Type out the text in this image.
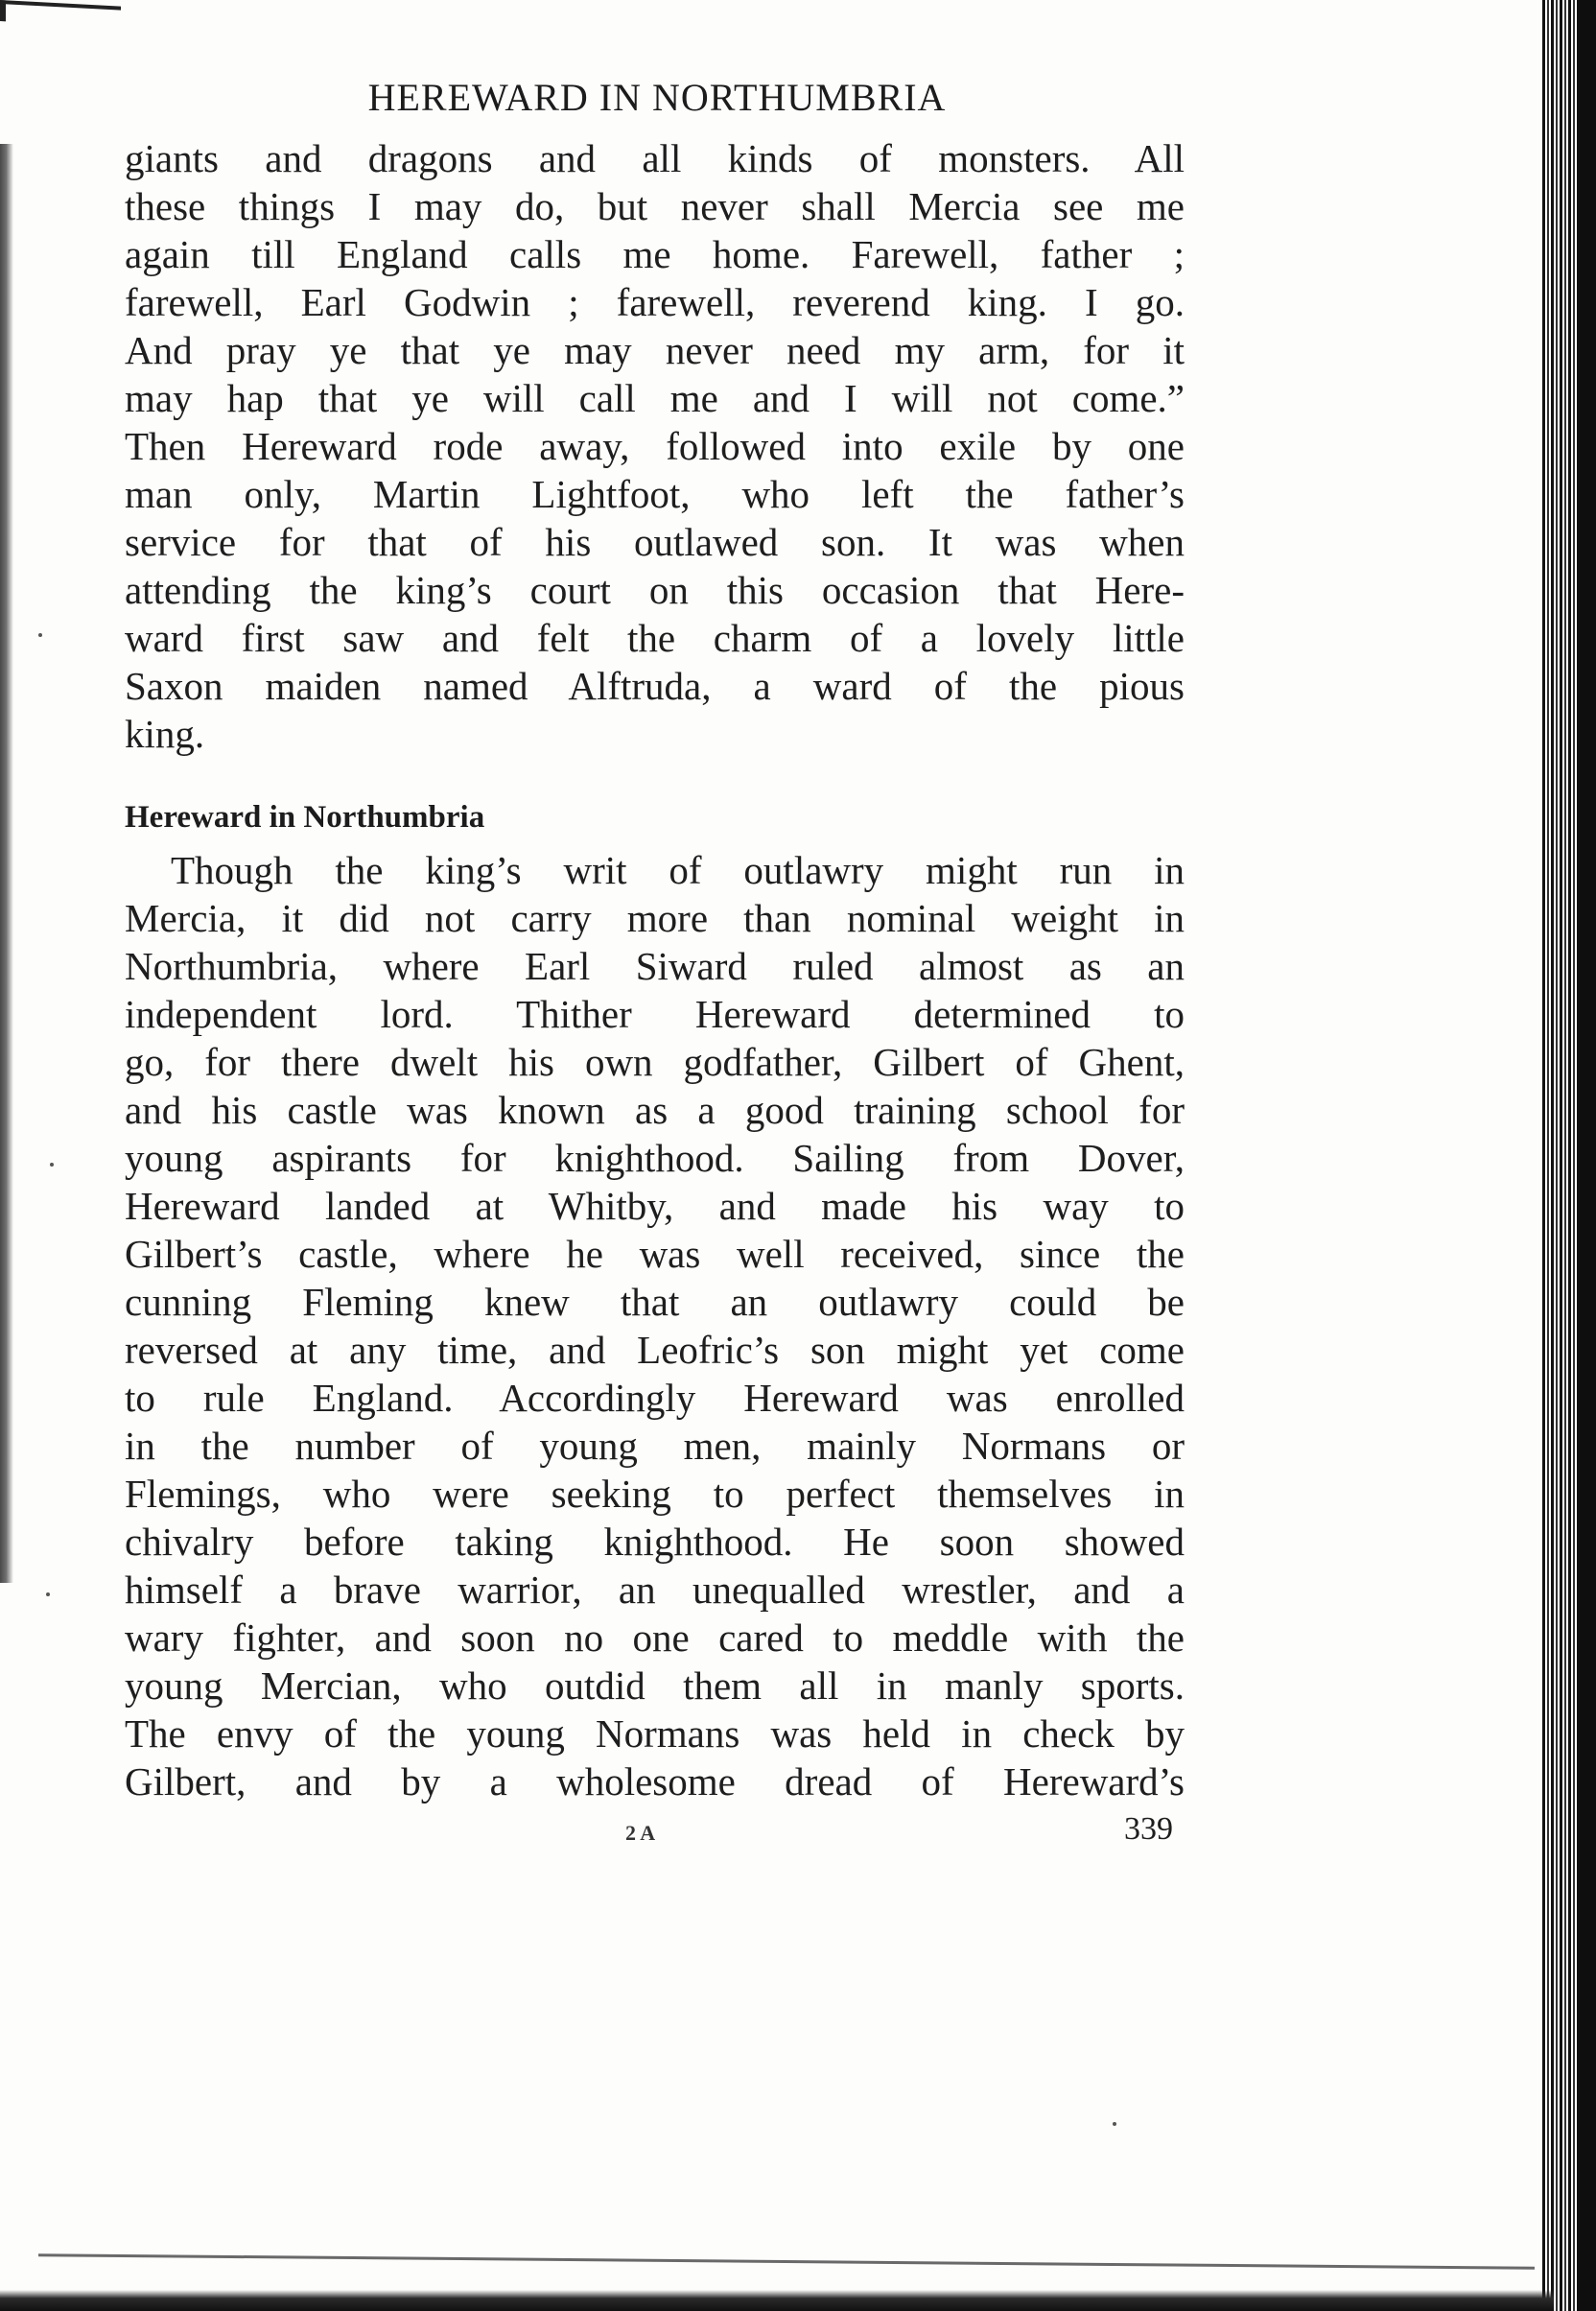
HEREWARD IN NORTHUMBRIA
giants and dragons and all kinds of monsters. All
these things I may do, but never shall Mercia see me
again till England calls me home. Farewell, father ;
farewell, Earl Godwin ; farewell, reverend king. I go.
And pray ye that ye may never need my arm, for it
may hap that ye will call me and I will not come.”
Then Hereward rode away, followed into exile by one
man only, Martin Lightfoot, who left the father’s
service for that of his outlawed son. It was when
attending the king’s court on this occasion that Here-
ward first saw and felt the charm of a lovely little
Saxon maiden named Alftruda, a ward of the pious
king.
Hereward in Northumbria
Though the king’s writ of outlawry might run in
Mercia, it did not carry more than nominal weight in
Northumbria, where Earl Siward ruled almost as an
independent lord. Thither Hereward determined to
go, for there dwelt his own godfather, Gilbert of Ghent,
and his castle was known as a good training school for
young aspirants for knighthood. Sailing from Dover,
Hereward landed at Whitby, and made his way to
Gilbert’s castle, where he was well received, since the
cunning Fleming knew that an outlawry could be
reversed at any time, and Leofric’s son might yet come
to rule England. Accordingly Hereward was enrolled
in the number of young men, mainly Normans or
Flemings, who were seeking to perfect themselves in
chivalry before taking knighthood. He soon showed
himself a brave warrior, an unequalled wrestler, and a
wary fighter, and soon no one cared to meddle with the
young Mercian, who outdid them all in manly sports.
The envy of the young Normans was held in check by
Gilbert, and by a wholesome dread of Hereward’s
2 A	339
